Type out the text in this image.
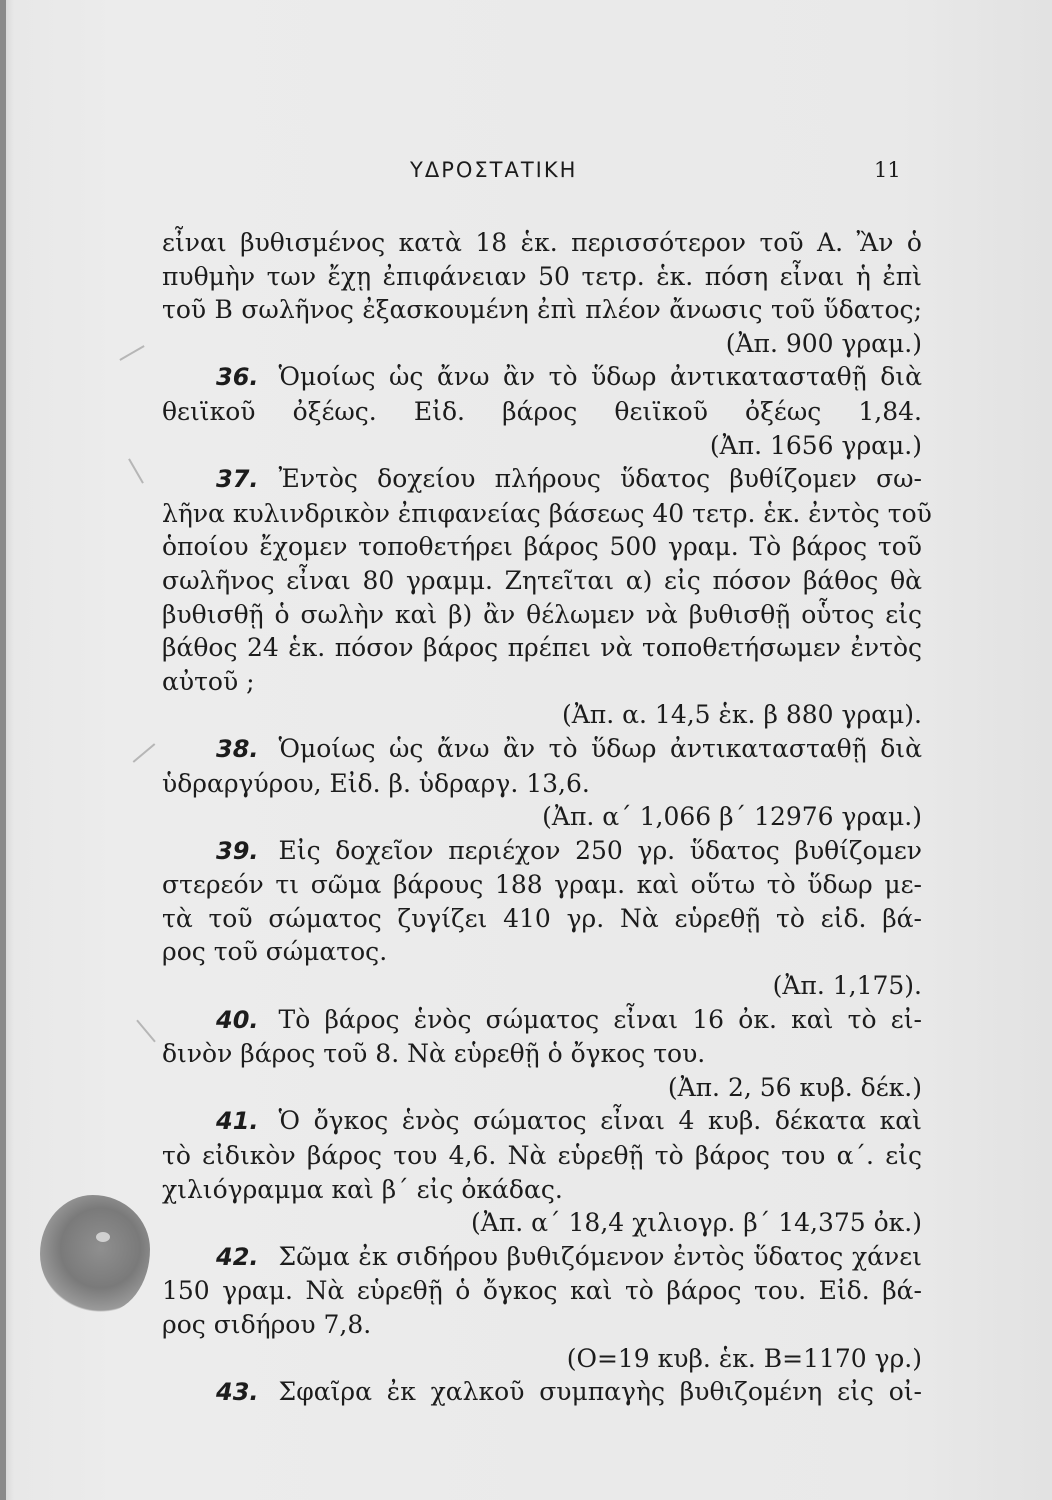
ΥΔΡΟΣΤΑΤΙΚΗ	11
εἶναι βυθισμένος κατὰ 18 ἑκ. περισσότερον τοῦ Α. Ἂν ὁ
πυθμὴν των ἔχῃ ἐπιφάνειαν 50 τετρ. ἑκ. πόση εἶναι ἡ ἐπὶ
τοῦ Β σωλῆνος ἐξασκουμένη ἐπὶ πλέον ἄνωσις τοῦ ὕδατος;
(Ἀπ. 900 γραμ.)
36. Ὁμοίως ὡς ἄνω ἂν τὸ ὕδωρ ἀντικατασταθῇ διὰ
θειϊκοῦ ὀξέως. Εἰδ. βάρος θειϊκοῦ ὀξέως 1,84.
(Ἀπ. 1656 γραμ.)
37. Ἐντὸς δοχείου πλήρους ὕδατος βυθίζομεν σω-
λῆνα κυλινδρικὸν ἐπιφανείας βάσεως 40 τετρ. ἑκ. ἐντὸς τοῦ
ὁποίου ἔχομεν τοποθετήρει βάρος 500 γραμ. Τὸ βάρος τοῦ
σωλῆνος εἶναι 80 γραμμ. Ζητεῖται α) εἰς πόσον βάθος θὰ
βυθισθῇ ὁ σωλὴν καὶ β) ἂν θέλωμεν νὰ βυθισθῇ οὗτος εἰς
βάθος 24 ἑκ. πόσον βάρος πρέπει νὰ τοποθετήσωμεν ἐντὸς
αὐτοῦ ;
(Ἀπ. α. 14,5 ἑκ. β 880 γραμ).
38. Ὁμοίως ὡς ἄνω ἂν τὸ ὕδωρ ἀντικατασταθῇ διὰ
ὑδραργύρου, Εἰδ. β. ὑδραργ. 13,6.
(Ἀπ. α΄ 1,066 β΄ 12976 γραμ.)
39. Εἰς δοχεῖον περιέχον 250 γρ. ὕδατος βυθίζομεν
στερεόν τι σῶμα βάρους 188 γραμ. καὶ οὕτω τὸ ὕδωρ με-
τὰ τοῦ σώματος ζυγίζει 410 γρ. Νὰ εὑρεθῇ τὸ εἰδ. βά-
ρος τοῦ σώματος.
(Ἀπ. 1,175).
40. Τὸ βάρος ἑνὸς σώματος εἶναι 16 ὀκ. καὶ τὸ εἰ-
δινὸν βάρος τοῦ 8. Νὰ εὑρεθῇ ὁ ὄγκος του.
(Ἀπ. 2, 56 κυβ. δέκ.)
41. Ὁ ὄγκος ἑνὸς σώματος εἶναι 4 κυβ. δέκατα καὶ
τὸ εἰδικὸν βάρος του 4,6. Νὰ εὑρεθῇ τὸ βάρος του α΄. εἰς
χιλιόγραμμα καὶ β΄ εἰς ὀκάδας.
(Ἀπ. α΄ 18,4 χιλιογρ. β΄ 14,375 ὀκ.)
42. Σῶμα ἐκ σιδήρου βυθιζόμενον ἐντὸς ὕδατος χάνει
150 γραμ. Νὰ εὑρεθῇ ὁ ὄγκος καὶ τὸ βάρος του. Εἰδ. βά-
ρος σιδήρου 7,8.
(Ο=19 κυβ. ἑκ. Β=1170 γρ.)
43. Σφαῖρα ἐκ χαλκοῦ συμπαγὴς βυθιζομένη εἰς οἰ-
